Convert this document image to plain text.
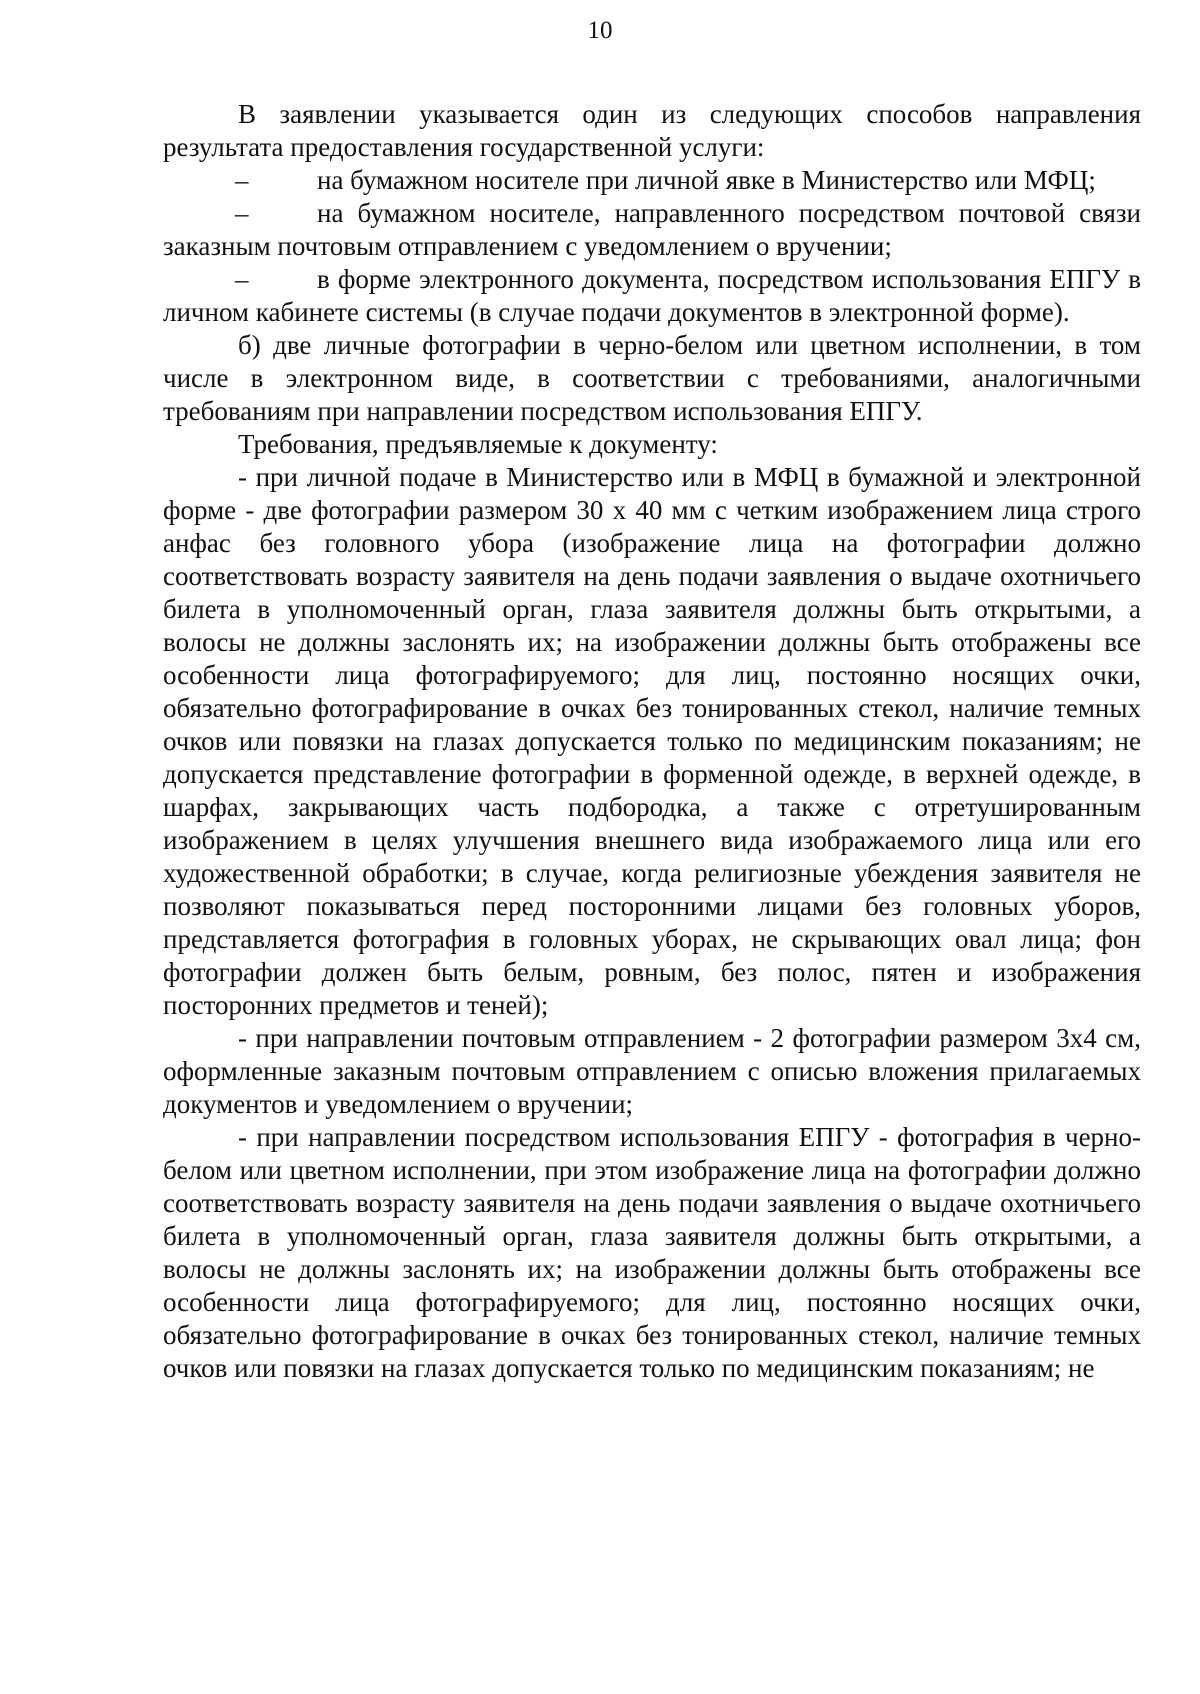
10

В заявлении указывается один из следующих способов направления результата предоставления государственной услуги:

–	на бумажном носителе при личной явке в Министерство или МФЦ;

–	на бумажном носителе, направленного посредством почтовой связи заказным почтовым отправлением с уведомлением о вручении;

–	в форме электронного документа, посредством использования ЕПГУ в личном кабинете системы (в случае подачи документов в электронной форме).

б) две личные фотографии в черно-белом или цветном исполнении, в том числе в электронном виде, в соответствии с требованиями, аналогичными требованиям при направлении посредством использования ЕПГУ.

Требования, предъявляемые к документу:

- при личной подаче в Министерство или в МФЦ в бумажной и электронной форме - две фотографии размером 30 х 40 мм с четким изображением лица строго анфас без головного убора (изображение лица на фотографии должно соответствовать возрасту заявителя на день подачи заявления о выдаче охотничьего билета в уполномоченный орган, глаза заявителя должны быть открытыми, а волосы не должны заслонять их; на изображении должны быть отображены все особенности лица фотографируемого; для лиц, постоянно носящих очки, обязательно фотографирование в очках без тонированных стекол, наличие темных очков или повязки на глазах допускается только по медицинским показаниям; не допускается представление фотографии в форменной одежде, в верхней одежде, в шарфах, закрывающих часть подбородка, а также с отретушированным изображением в целях улучшения внешнего вида изображаемого лица или его художественной обработки; в случае, когда религиозные убеждения заявителя не позволяют показываться перед посторонними лицами без головных уборов, представляется фотография в головных уборах, не скрывающих овал лица; фон фотографии должен быть белым, ровным, без полос, пятен и изображения посторонних предметов и теней);

- при направлении почтовым отправлением - 2 фотографии размером 3х4 см, оформленные заказным почтовым отправлением с описью вложения прилагаемых документов и уведомлением о вручении;

- при направлении посредством использования ЕПГУ - фотография в черно-белом или цветном исполнении, при этом изображение лица на фотографии должно соответствовать возрасту заявителя на день подачи заявления о выдаче охотничьего билета в уполномоченный орган, глаза заявителя должны быть открытыми, а волосы не должны заслонять их; на изображении должны быть отображены все особенности лица фотографируемого; для лиц, постоянно носящих очки, обязательно фотографирование в очках без тонированных стекол, наличие темных очков или повязки на глазах допускается только по медицинским показаниям; не
